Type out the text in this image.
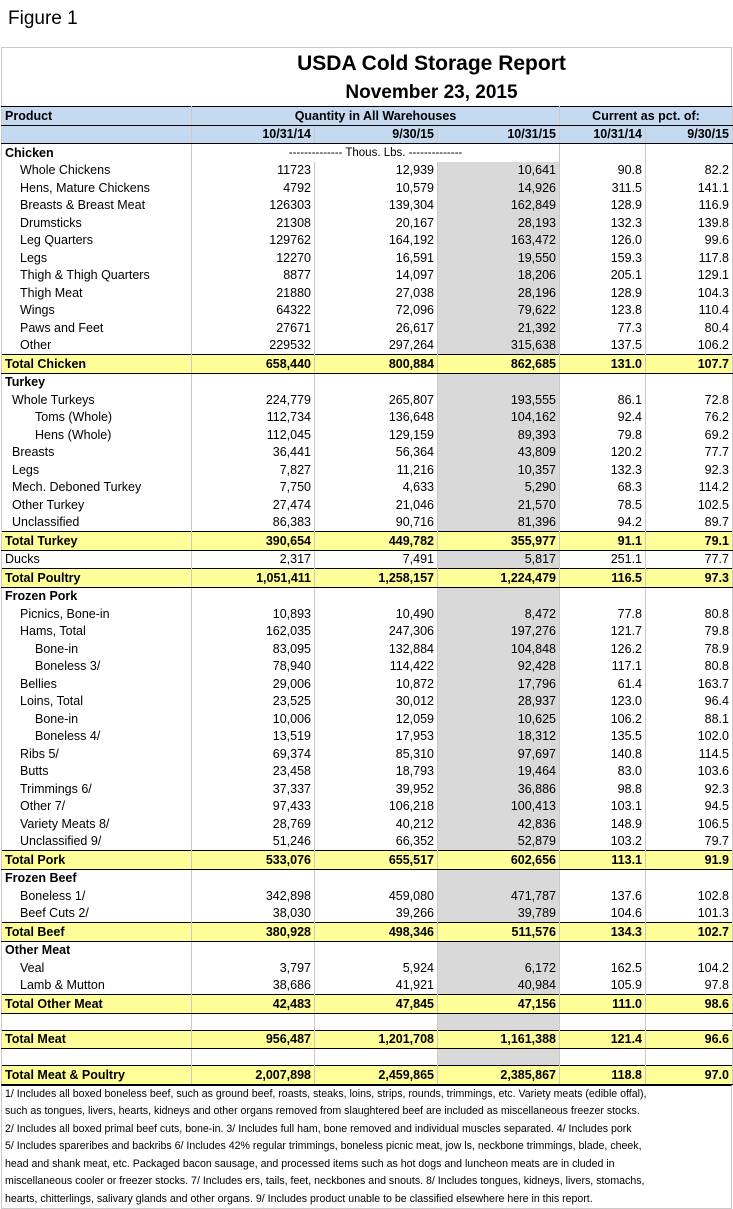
Figure 1
USDA Cold Storage Report
November 23, 2015
Product	Quantity in All Warehouses			Current as pct. of:	
	10/31/14	9/30/15	10/31/15	10/31/14	9/30/15
Chicken	-------------- Thous. Lbs. --------------				
Whole Chickens	11723	12,939	10,641	90.8	82.2
Hens, Mature Chickens	4792	10,579	14,926	311.5	141.1
Breasts & Breast Meat	126303	139,304	162,849	128.9	116.9
Drumsticks	21308	20,167	28,193	132.3	139.8
Leg Quarters	129762	164,192	163,472	126.0	99.6
Legs	12270	16,591	19,550	159.3	117.8
Thigh & Thigh Quarters	8877	14,097	18,206	205.1	129.1
Thigh Meat	21880	27,038	28,196	128.9	104.3
Wings	64322	72,096	79,622	123.8	110.4
Paws and Feet	27671	26,617	21,392	77.3	80.4
Other	229532	297,264	315,638	137.5	106.2
Total Chicken	658,440	800,884	862,685	131.0	107.7
Turkey					
Whole Turkeys	224,779	265,807	193,555	86.1	72.8
Toms (Whole)	112,734	136,648	104,162	92.4	76.2
Hens (Whole)	112,045	129,159	89,393	79.8	69.2
Breasts	36,441	56,364	43,809	120.2	77.7
Legs	7,827	11,216	10,357	132.3	92.3
Mech. Deboned Turkey	7,750	4,633	5,290	68.3	114.2
Other Turkey	27,474	21,046	21,570	78.5	102.5
Unclassified	86,383	90,716	81,396	94.2	89.7
Total Turkey	390,654	449,782	355,977	91.1	79.1
Ducks	2,317	7,491	5,817	251.1	77.7
Total Poultry	1,051,411	1,258,157	1,224,479	116.5	97.3
Frozen Pork					
Picnics, Bone-in	10,893	10,490	8,472	77.8	80.8
Hams, Total	162,035	247,306	197,276	121.7	79.8
Bone-in	83,095	132,884	104,848	126.2	78.9
Boneless 3/	78,940	114,422	92,428	117.1	80.8
Bellies	29,006	10,872	17,796	61.4	163.7
Loins, Total	23,525	30,012	28,937	123.0	96.4
Bone-in	10,006	12,059	10,625	106.2	88.1
Boneless 4/	13,519	17,953	18,312	135.5	102.0
Ribs 5/	69,374	85,310	97,697	140.8	114.5
Butts	23,458	18,793	19,464	83.0	103.6
Trimmings 6/	37,337	39,952	36,886	98.8	92.3
Other 7/	97,433	106,218	100,413	103.1	94.5
Variety Meats 8/	28,769	40,212	42,836	148.9	106.5
Unclassified 9/	51,246	66,352	52,879	103.2	79.7
Total Pork	533,076	655,517	602,656	113.1	91.9
Frozen Beef					
Boneless 1/	342,898	459,080	471,787	137.6	102.8
Beef Cuts 2/	38,030	39,266	39,789	104.6	101.3
Total Beef	380,928	498,346	511,576	134.3	102.7
Other Meat					
Veal	3,797	5,924	6,172	162.5	104.2
Lamb & Mutton	38,686	41,921	40,984	105.9	97.8
Total Other Meat	42,483	47,845	47,156	111.0	98.6

Total Meat	956,487	1,201,708	1,161,388	121.4	96.6

Total Meat & Poultry	2,007,898	2,459,865	2,385,867	118.8	97.0
1/ Includes all boxed boneless beef, such as ground beef, roasts, steaks, loins, strips, rounds, trimmings, etc. Variety meats (edible offal),
such as tongues, livers, hearts, kidneys and other organs removed from slaughtered beef are included as miscellaneous freezer stocks.
2/ Includes all boxed primal beef cuts, bone-in. 3/ Includes full ham, bone removed and individual muscles separated. 4/ Includes pork
5/ Includes spareribes and backribs 6/ Includes 42% regular trimmings, boneless picnic meat, jow ls, neckbone trimmings, blade, cheek,
head and shank meat, etc. Packaged bacon sausage, and processed items such as hot dogs and luncheon meats are in cluded in
miscellaneous cooler or freezer stocks. 7/ Includes ers, tails, feet, neckbones and snouts. 8/ Includes tongues, kidneys, livers, stomachs,
hearts, chitterlings, salivary glands and other organs. 9/ Includes product unable to be classified elsewhere here in this report.
